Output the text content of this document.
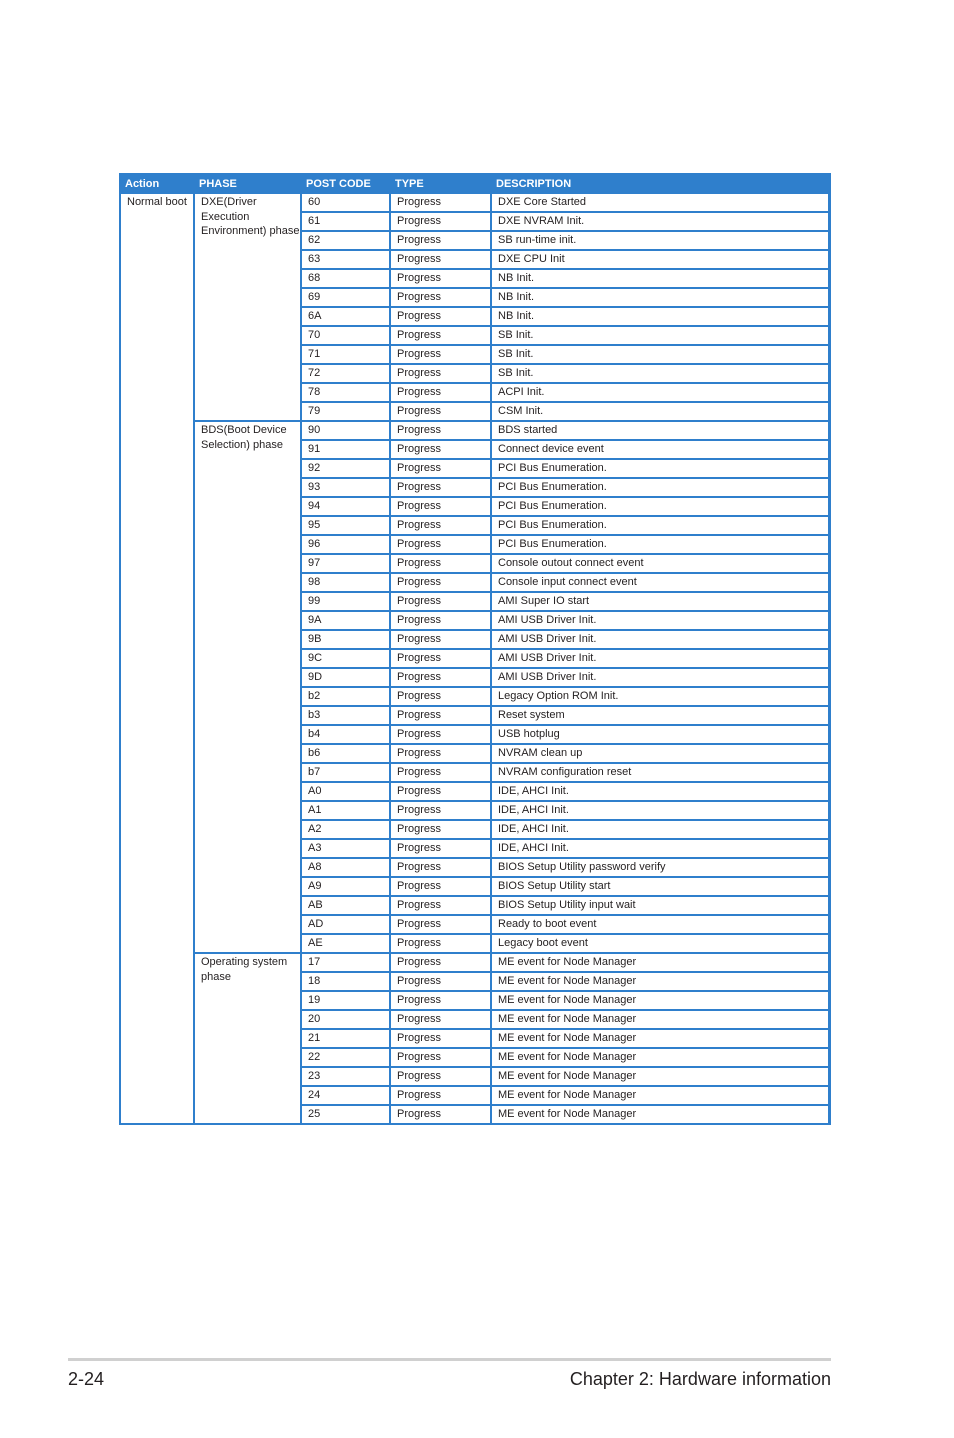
Action	PHASE	POST CODE	TYPE	DESCRIPTION
Normal boot	DXE(Driver Execution Environment) phase	60	Progress	DXE Core Started
		61	Progress	DXE NVRAM Init.
		62	Progress	SB run-time init.
		63	Progress	DXE CPU Init
		68	Progress	NB Init.
		69	Progress	NB Init.
		6A	Progress	NB Init.
		70	Progress	SB Init.
		71	Progress	SB Init.
		72	Progress	SB Init.
		78	Progress	ACPI Init.
		79	Progress	CSM Init.
	BDS(Boot Device Selection) phase	90	Progress	BDS started
		91	Progress	Connect device event
		92	Progress	PCI Bus Enumeration.
		93	Progress	PCI Bus Enumeration.
		94	Progress	PCI Bus Enumeration.
		95	Progress	PCI Bus Enumeration.
		96	Progress	PCI Bus Enumeration.
		97	Progress	Console outout connect event
		98	Progress	Console input connect event
		99	Progress	AMI Super IO start
		9A	Progress	AMI USB Driver Init.
		9B	Progress	AMI USB Driver Init.
		9C	Progress	AMI USB Driver Init.
		9D	Progress	AMI USB Driver Init.
		b2	Progress	Legacy Option ROM Init.
		b3	Progress	Reset system
		b4	Progress	USB hotplug
		b6	Progress	NVRAM clean up
		b7	Progress	NVRAM configuration reset
		A0	Progress	IDE, AHCI Init.
		A1	Progress	IDE, AHCI Init.
		A2	Progress	IDE, AHCI Init.
		A3	Progress	IDE, AHCI Init.
		A8	Progress	BIOS Setup Utility password verify
		A9	Progress	BIOS Setup Utility start
		AB	Progress	BIOS Setup Utility input wait
		AD	Progress	Ready to boot event
		AE	Progress	Legacy boot event
	Operating system phase	17	Progress	ME event for Node Manager
		18	Progress	ME event for Node Manager
		19	Progress	ME event for Node Manager
		20	Progress	ME event for Node Manager
		21	Progress	ME event for Node Manager
		22	Progress	ME event for Node Manager
		23	Progress	ME event for Node Manager
		24	Progress	ME event for Node Manager
		25	Progress	ME event for Node Manager
2-24	Chapter 2: Hardware information
